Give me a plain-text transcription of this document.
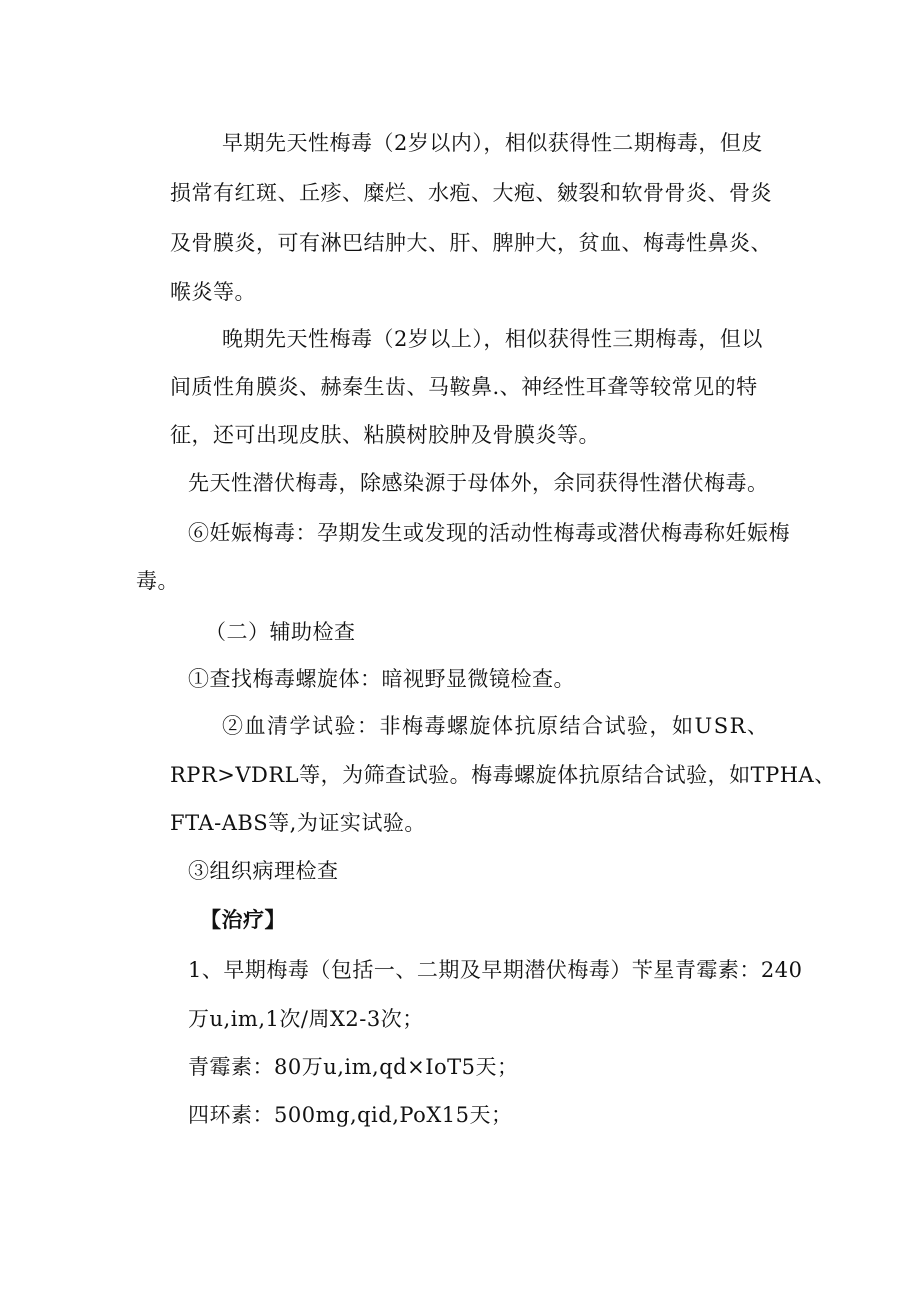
早期先天性梅毒（2岁以内），相似获得性二期梅毒，但皮

损常有红斑、丘疹、糜烂、水疱、大疱、皴裂和软骨骨炎、骨炎

及骨膜炎，可有淋巴结肿大、肝、脾肿大，贫血、梅毒性鼻炎、

喉炎等。

晚期先天性梅毒（2岁以上），相似获得性三期梅毒，但以

间质性角膜炎、赫秦生齿、马鞍鼻.、神经性耳聋等较常见的特

征，还可出现皮肤、粘膜树胶肿及骨膜炎等。

先天性潜伏梅毒，除感染源于母体外，余同获得性潜伏梅毒。

⑥妊娠梅毒：孕期发生或发现的活动性梅毒或潜伏梅毒称妊娠梅

毒。

（二）辅助检查

①查找梅毒螺旋体：暗视野显微镜检查。

②血清学试验：非梅毒螺旋体抗原结合试验，如USR、

RPR>VDRL等，为筛查试验。梅毒螺旋体抗原结合试验，如TPHA、

FTA-ABS等,为证实试验。

③组织病理检查

【治疗】

1、早期梅毒（包括一、二期及早期潜伏梅毒）苄星青霉素：240

万u,im,1次/周X2-3次；

青霉素：80万u,im,qd×IoT5天；

四环素：500mg,qid,PoX15天；
